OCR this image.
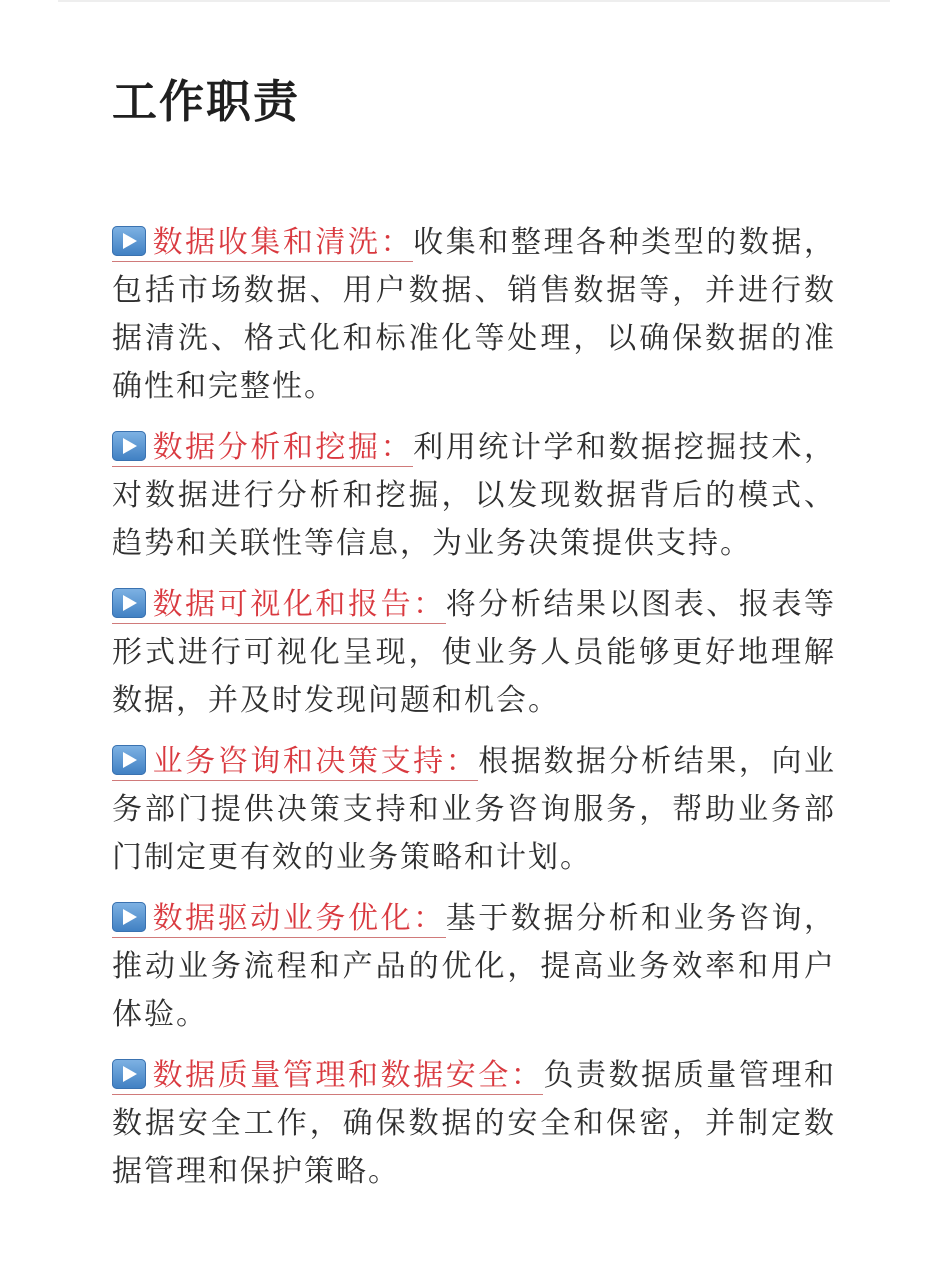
工作职责

数据收集和清洗：收集和整理各种类型的数据，包括市场数据、用户数据、销售数据等，并进行数据清洗、格式化和标准化等处理，以确保数据的准确性和完整性。

数据分析和挖掘：利用统计学和数据挖掘技术，对数据进行分析和挖掘，以发现数据背后的模式、趋势和关联性等信息，为业务决策提供支持。

数据可视化和报告：将分析结果以图表、报表等形式进行可视化呈现，使业务人员能够更好地理解数据，并及时发现问题和机会。

业务咨询和决策支持：根据数据分析结果，向业务部门提供决策支持和业务咨询服务，帮助业务部门制定更有效的业务策略和计划。

数据驱动业务优化：基于数据分析和业务咨询，推动业务流程和产品的优化，提高业务效率和用户体验。

数据质量管理和数据安全：负责数据质量管理和数据安全工作，确保数据的安全和保密，并制定数据管理和保护策略。
